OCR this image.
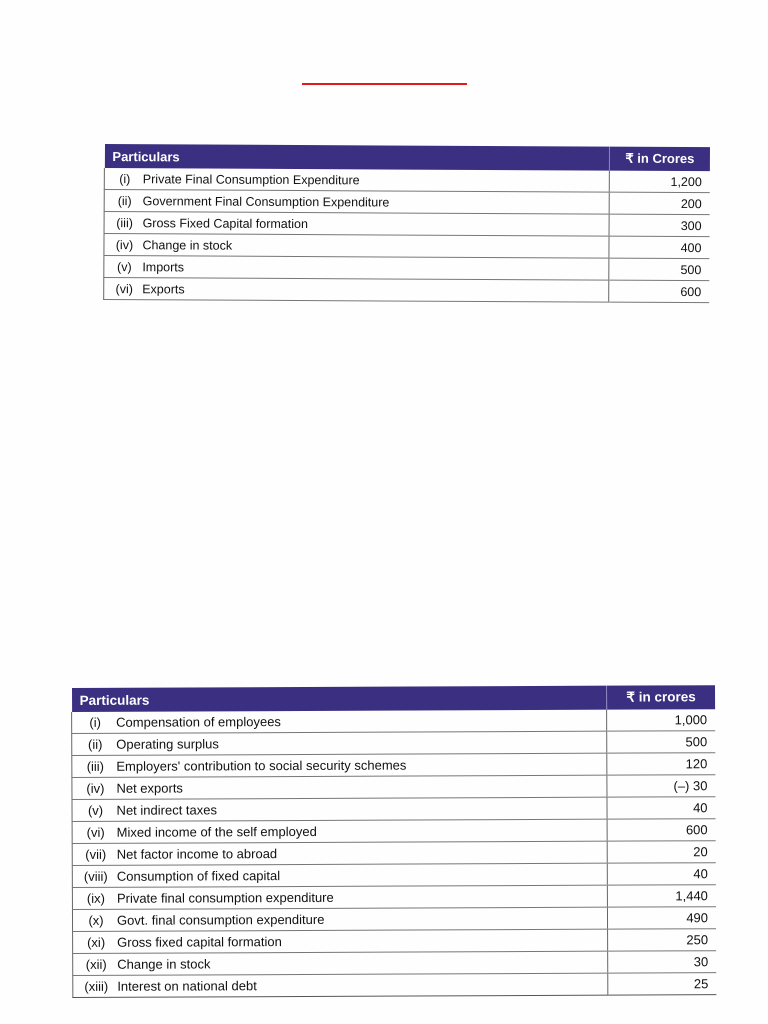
Particulars	₹ in Crores
(i) Private Final Consumption Expenditure	1,200
(ii) Government Final Consumption Expenditure	200
(iii) Gross Fixed Capital formation	300
(iv) Change in stock	400
(v) Imports	500
(vi) Exports	600
Particulars	₹ in crores
(i) Compensation of employees	1,000
(ii) Operating surplus	500
(iii) Employers' contribution to social security schemes	120
(iv) Net exports	(–) 30
(v) Net indirect taxes	40
(vi) Mixed income of the self employed	600
(vii) Net factor income to abroad	20
(viii) Consumption of fixed capital	40
(ix) Private final consumption expenditure	1,440
(x) Govt. final consumption expenditure	490
(xi) Gross fixed capital formation	250
(xii) Change in stock	30
(xiii) Interest on national debt	25
